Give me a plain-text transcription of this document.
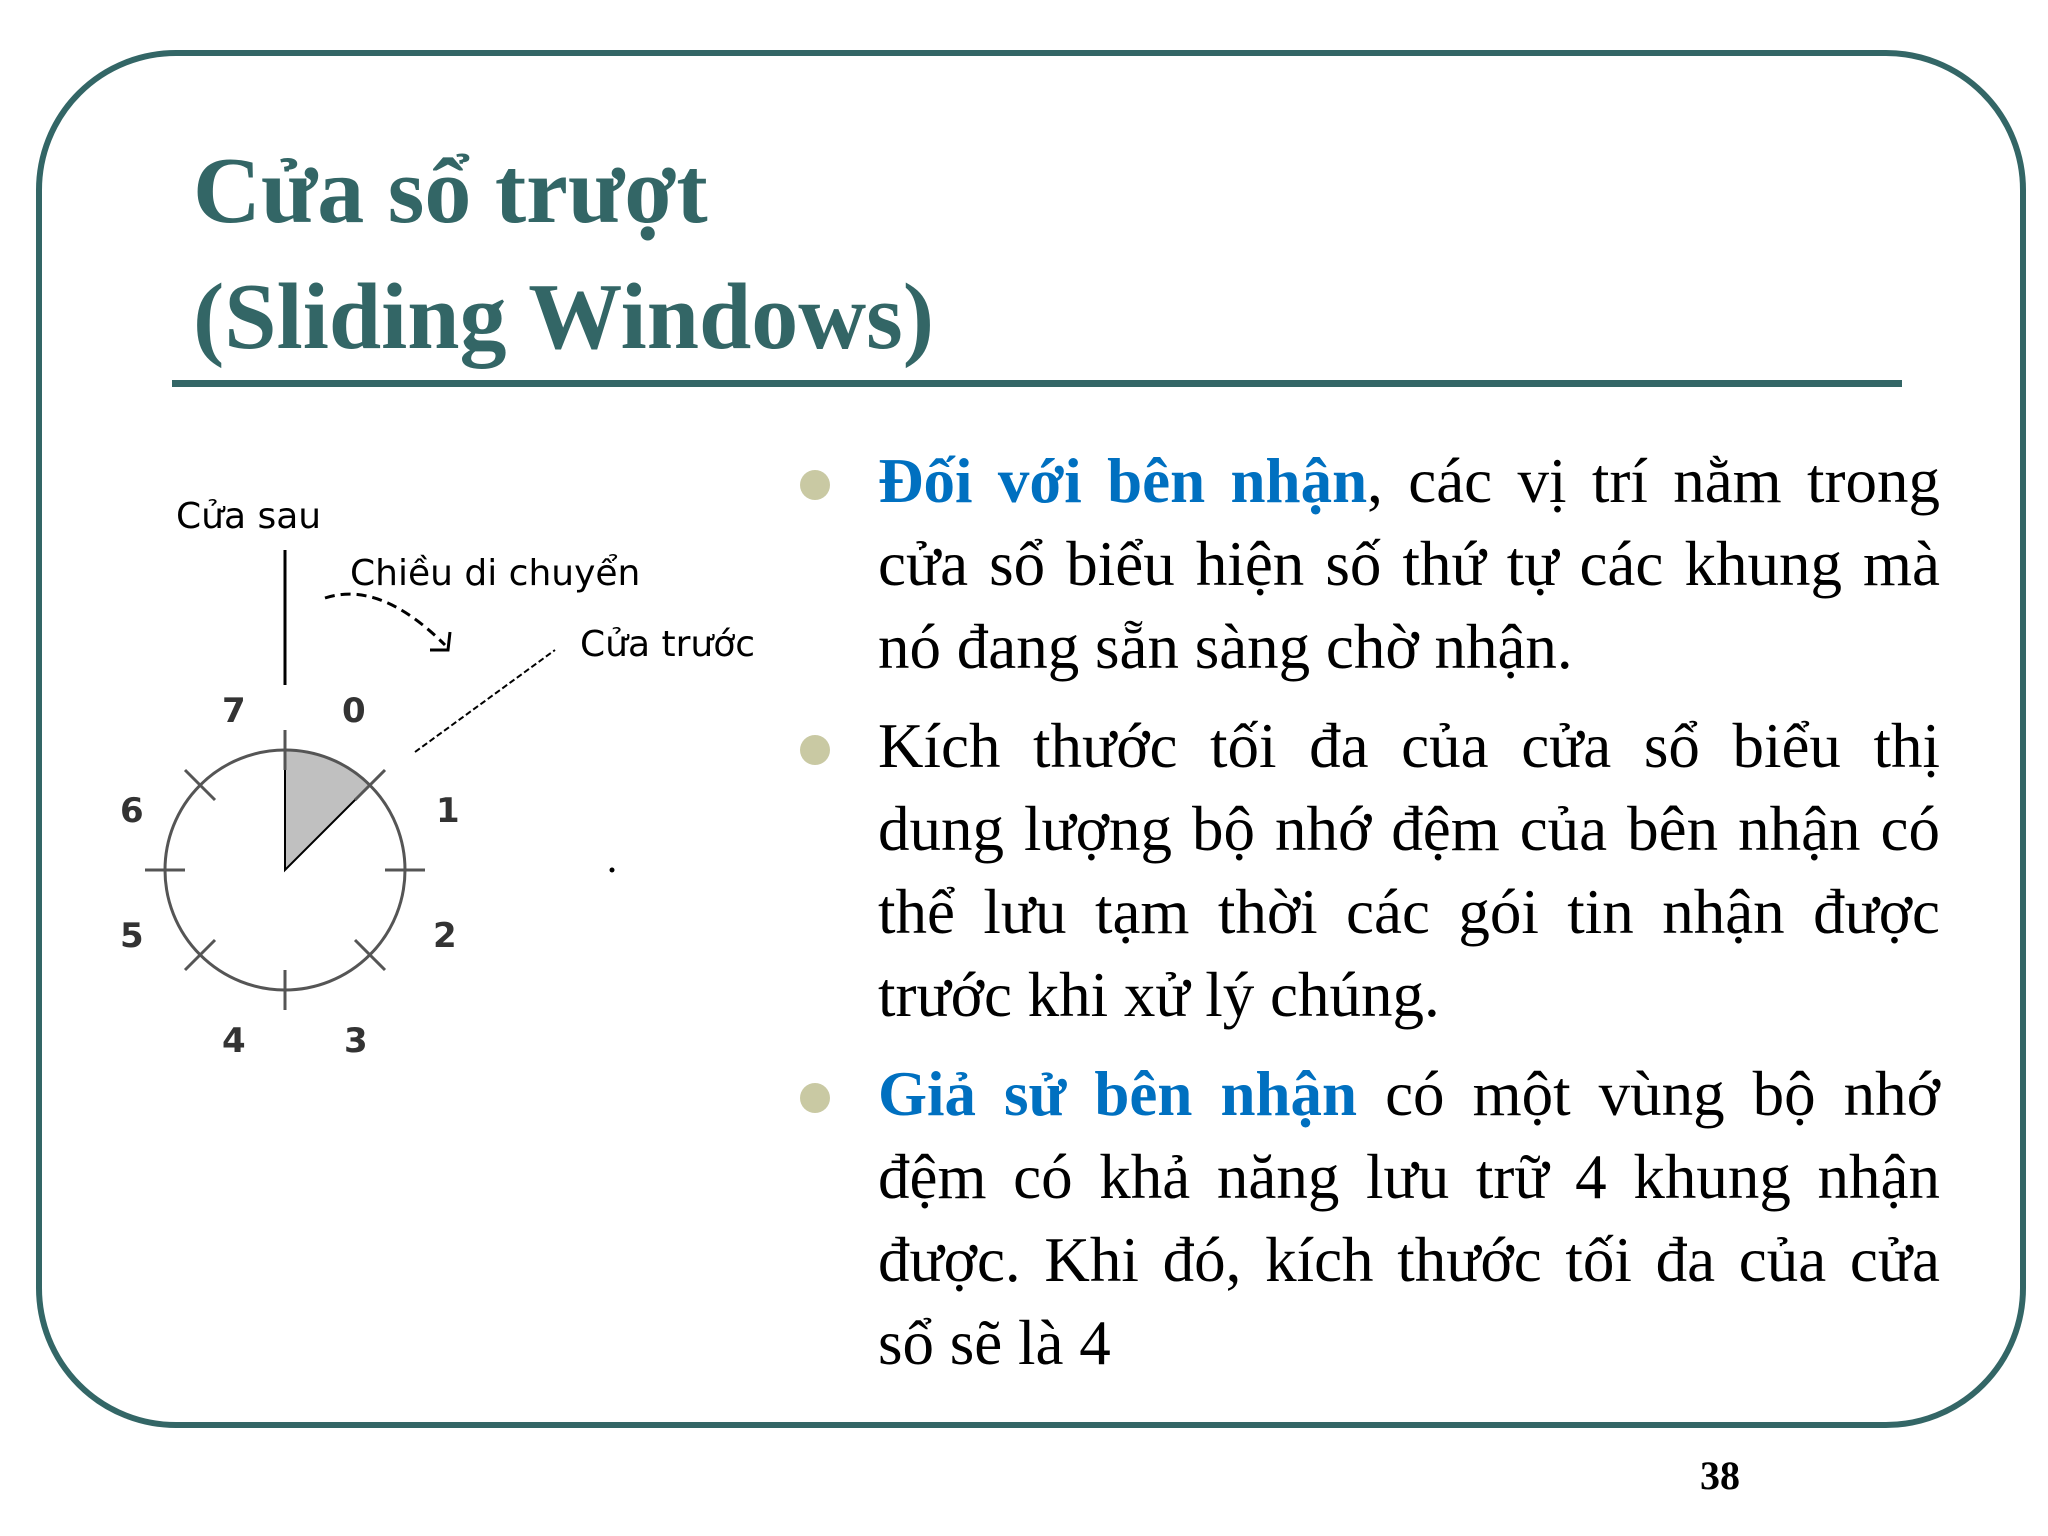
Cửa sổ trượt
(Sliding Windows)
Cửa sau
Chiều di chuyển
Cửa trước
0
1
2
3
4
5
6
7
Đối với bên nhận, các vị trí nằm trong cửa sổ biểu hiện số thứ tự các khung mà nó đang sẵn sàng chờ nhận.
Kích thước tối đa của cửa sổ biểu thị dung lượng bộ nhớ đệm của bên nhận có thể lưu tạm thời các gói tin nhận được trước khi xử lý chúng.
Giả sử bên nhận có một vùng bộ nhớ đệm có khả năng lưu trữ 4 khung nhận được. Khi đó, kích thước tối đa của cửa sổ sẽ là 4
38
